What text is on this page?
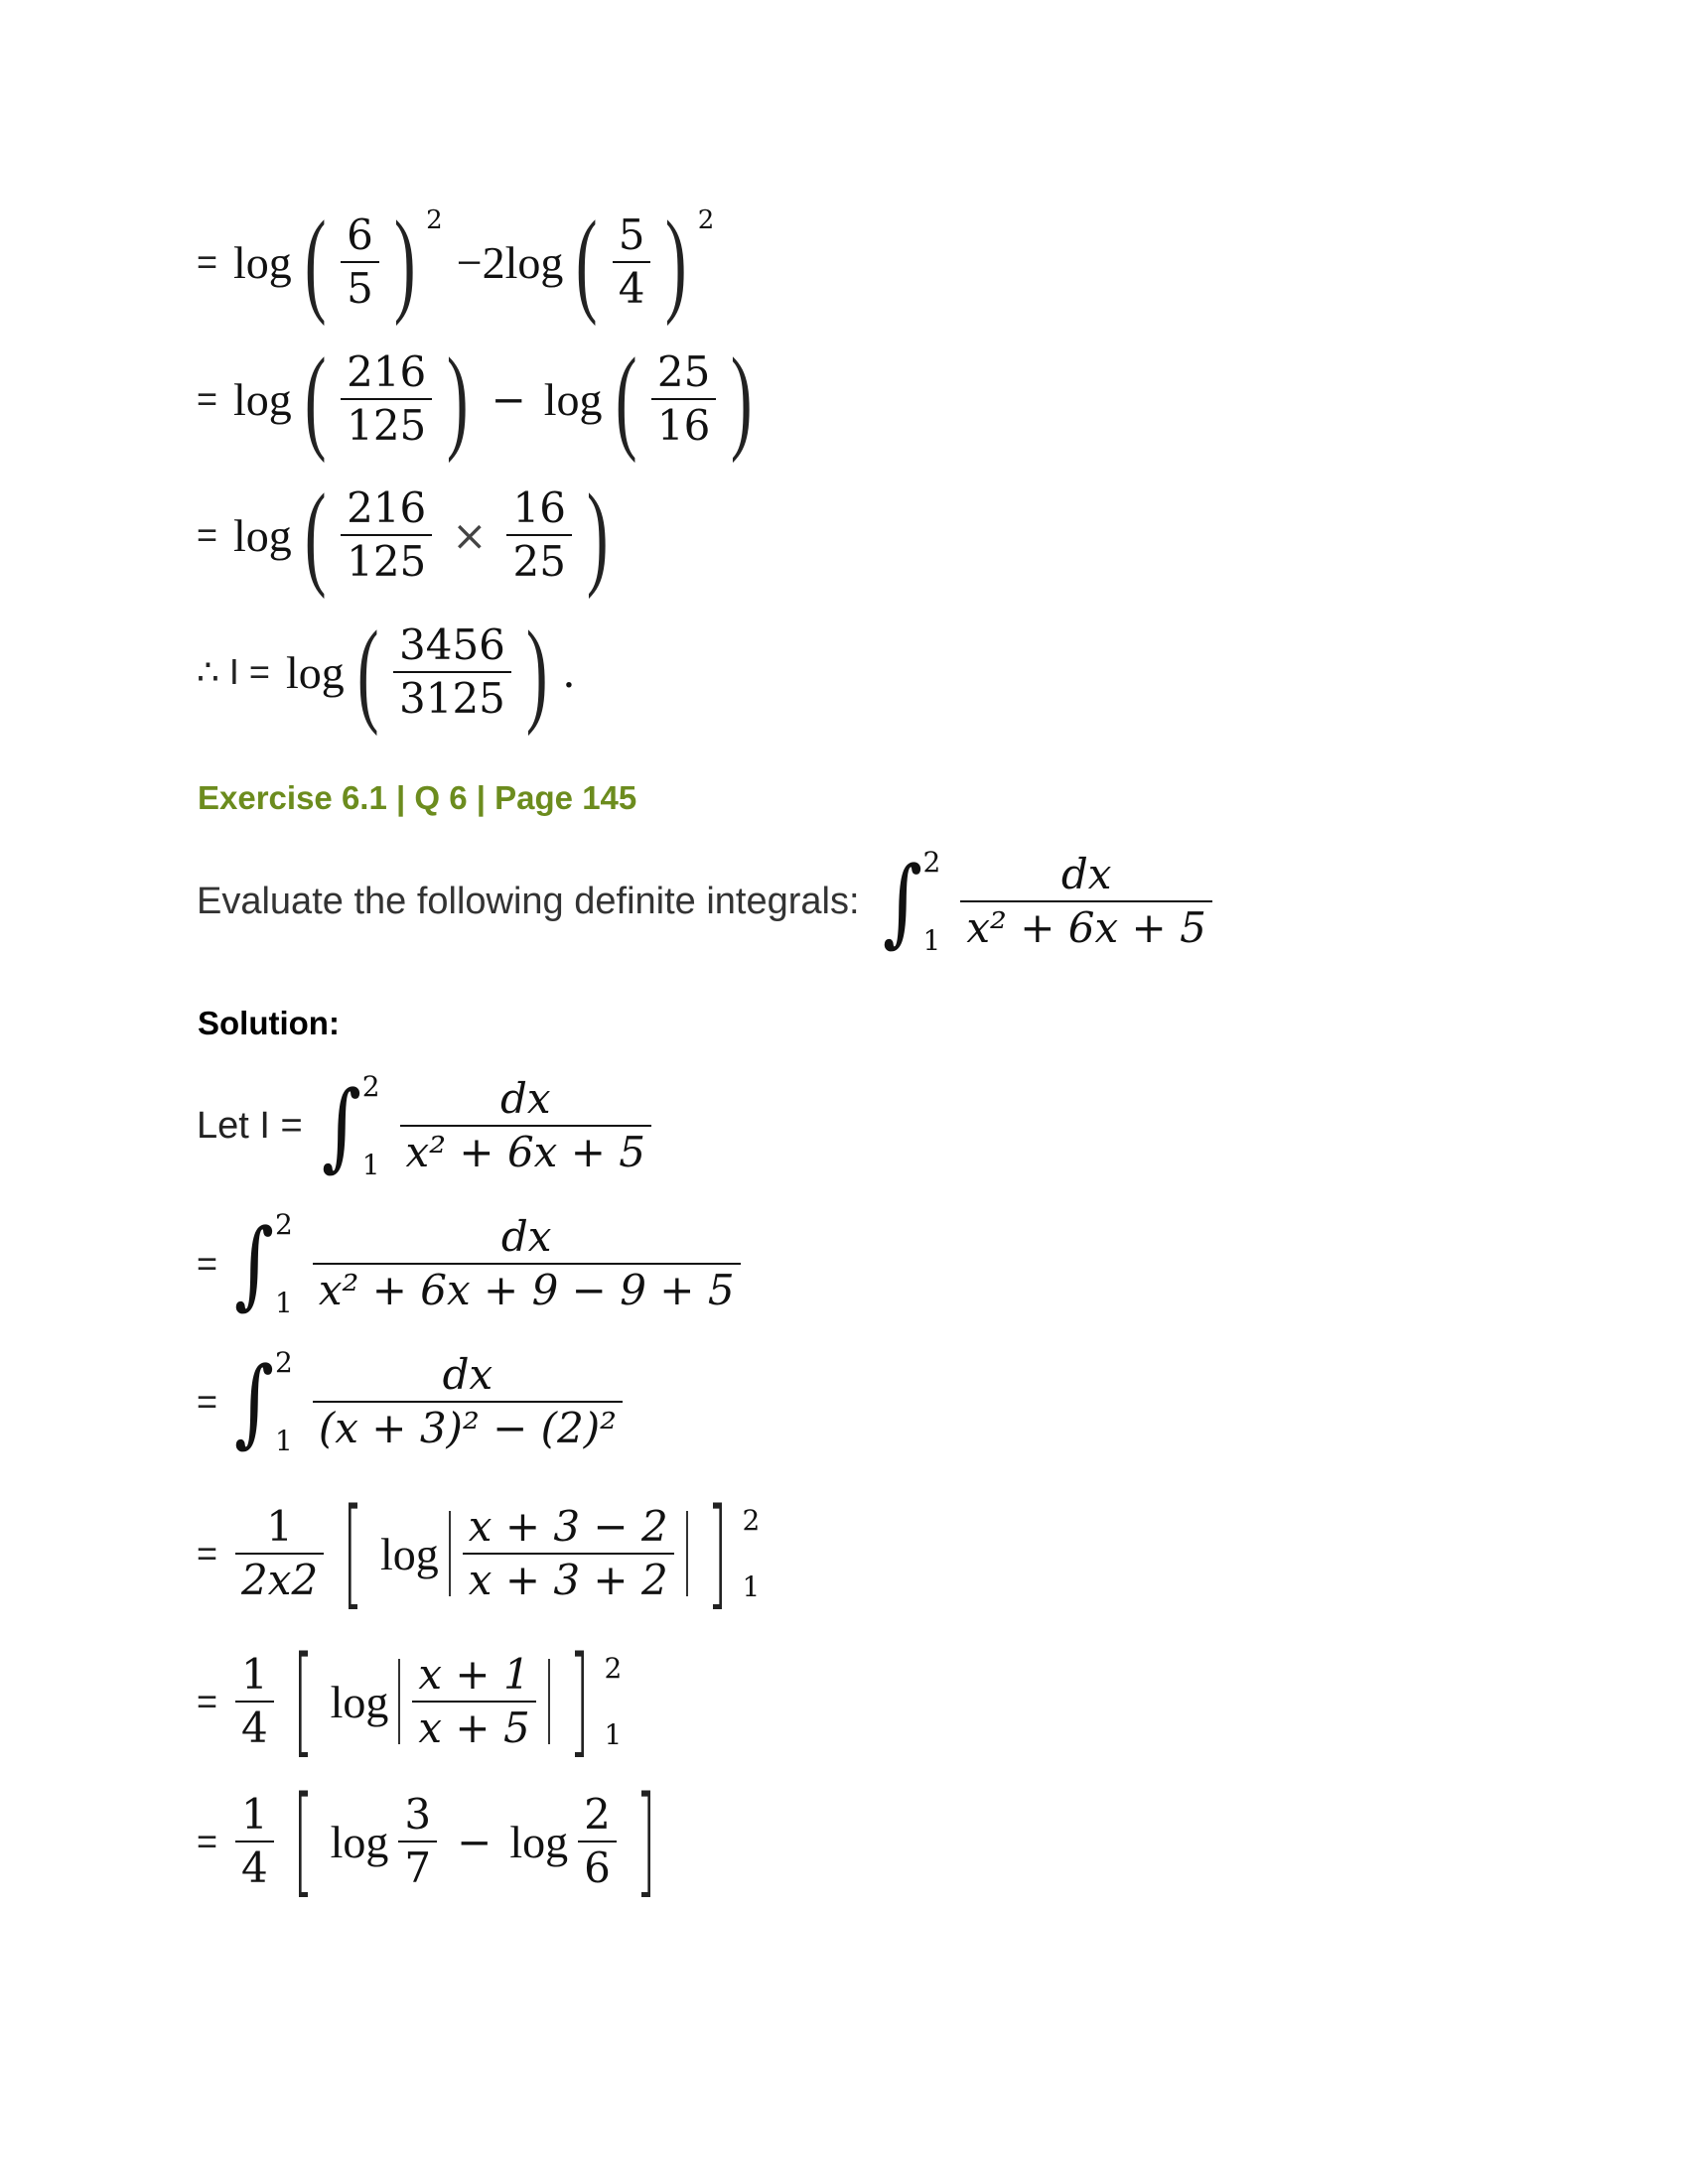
= log ( $\frac{6}{5}$ ) 2
−2log ( $\frac{5}{4}$ ) 2
= log ( $\frac{216}{125}$ ) − log ( $\frac{25}{16}$ )
= log ( $\frac{216}{125} \times \frac{16}{25}$ )
∴ I = log ( $\frac{3456}{3125}$ ) .
Exercise 6.1 | Q 6 | Page 145
Evaluate the following definite integrals: ∫ 2
$1 \frac{dx}{\text{x² + 6x + 5}}$
Solution:
Let I = ∫ 2
$1 \frac{dx}{\text{x² + 6x + 5}}$
= ∫ 2
$1 \frac{dx}{\text{x² + 6x + 9 − 9 + 5}}$
= ∫ 2
$1 \frac{dx}{\text{(x + 3)² − (2)²}}$
= $\frac{1}{2x2}$ [ $\log \frac{x + 3 - 2}{x + 3 + 2}$ ] 2
1
= $\frac{1}{4}$ [ $\log \frac{x + 1}{x + 5}$ ] 2
1
= $\frac{1}{4}$ [ $\log \frac{3}{7} - \log \frac{2}{6}$ ]
